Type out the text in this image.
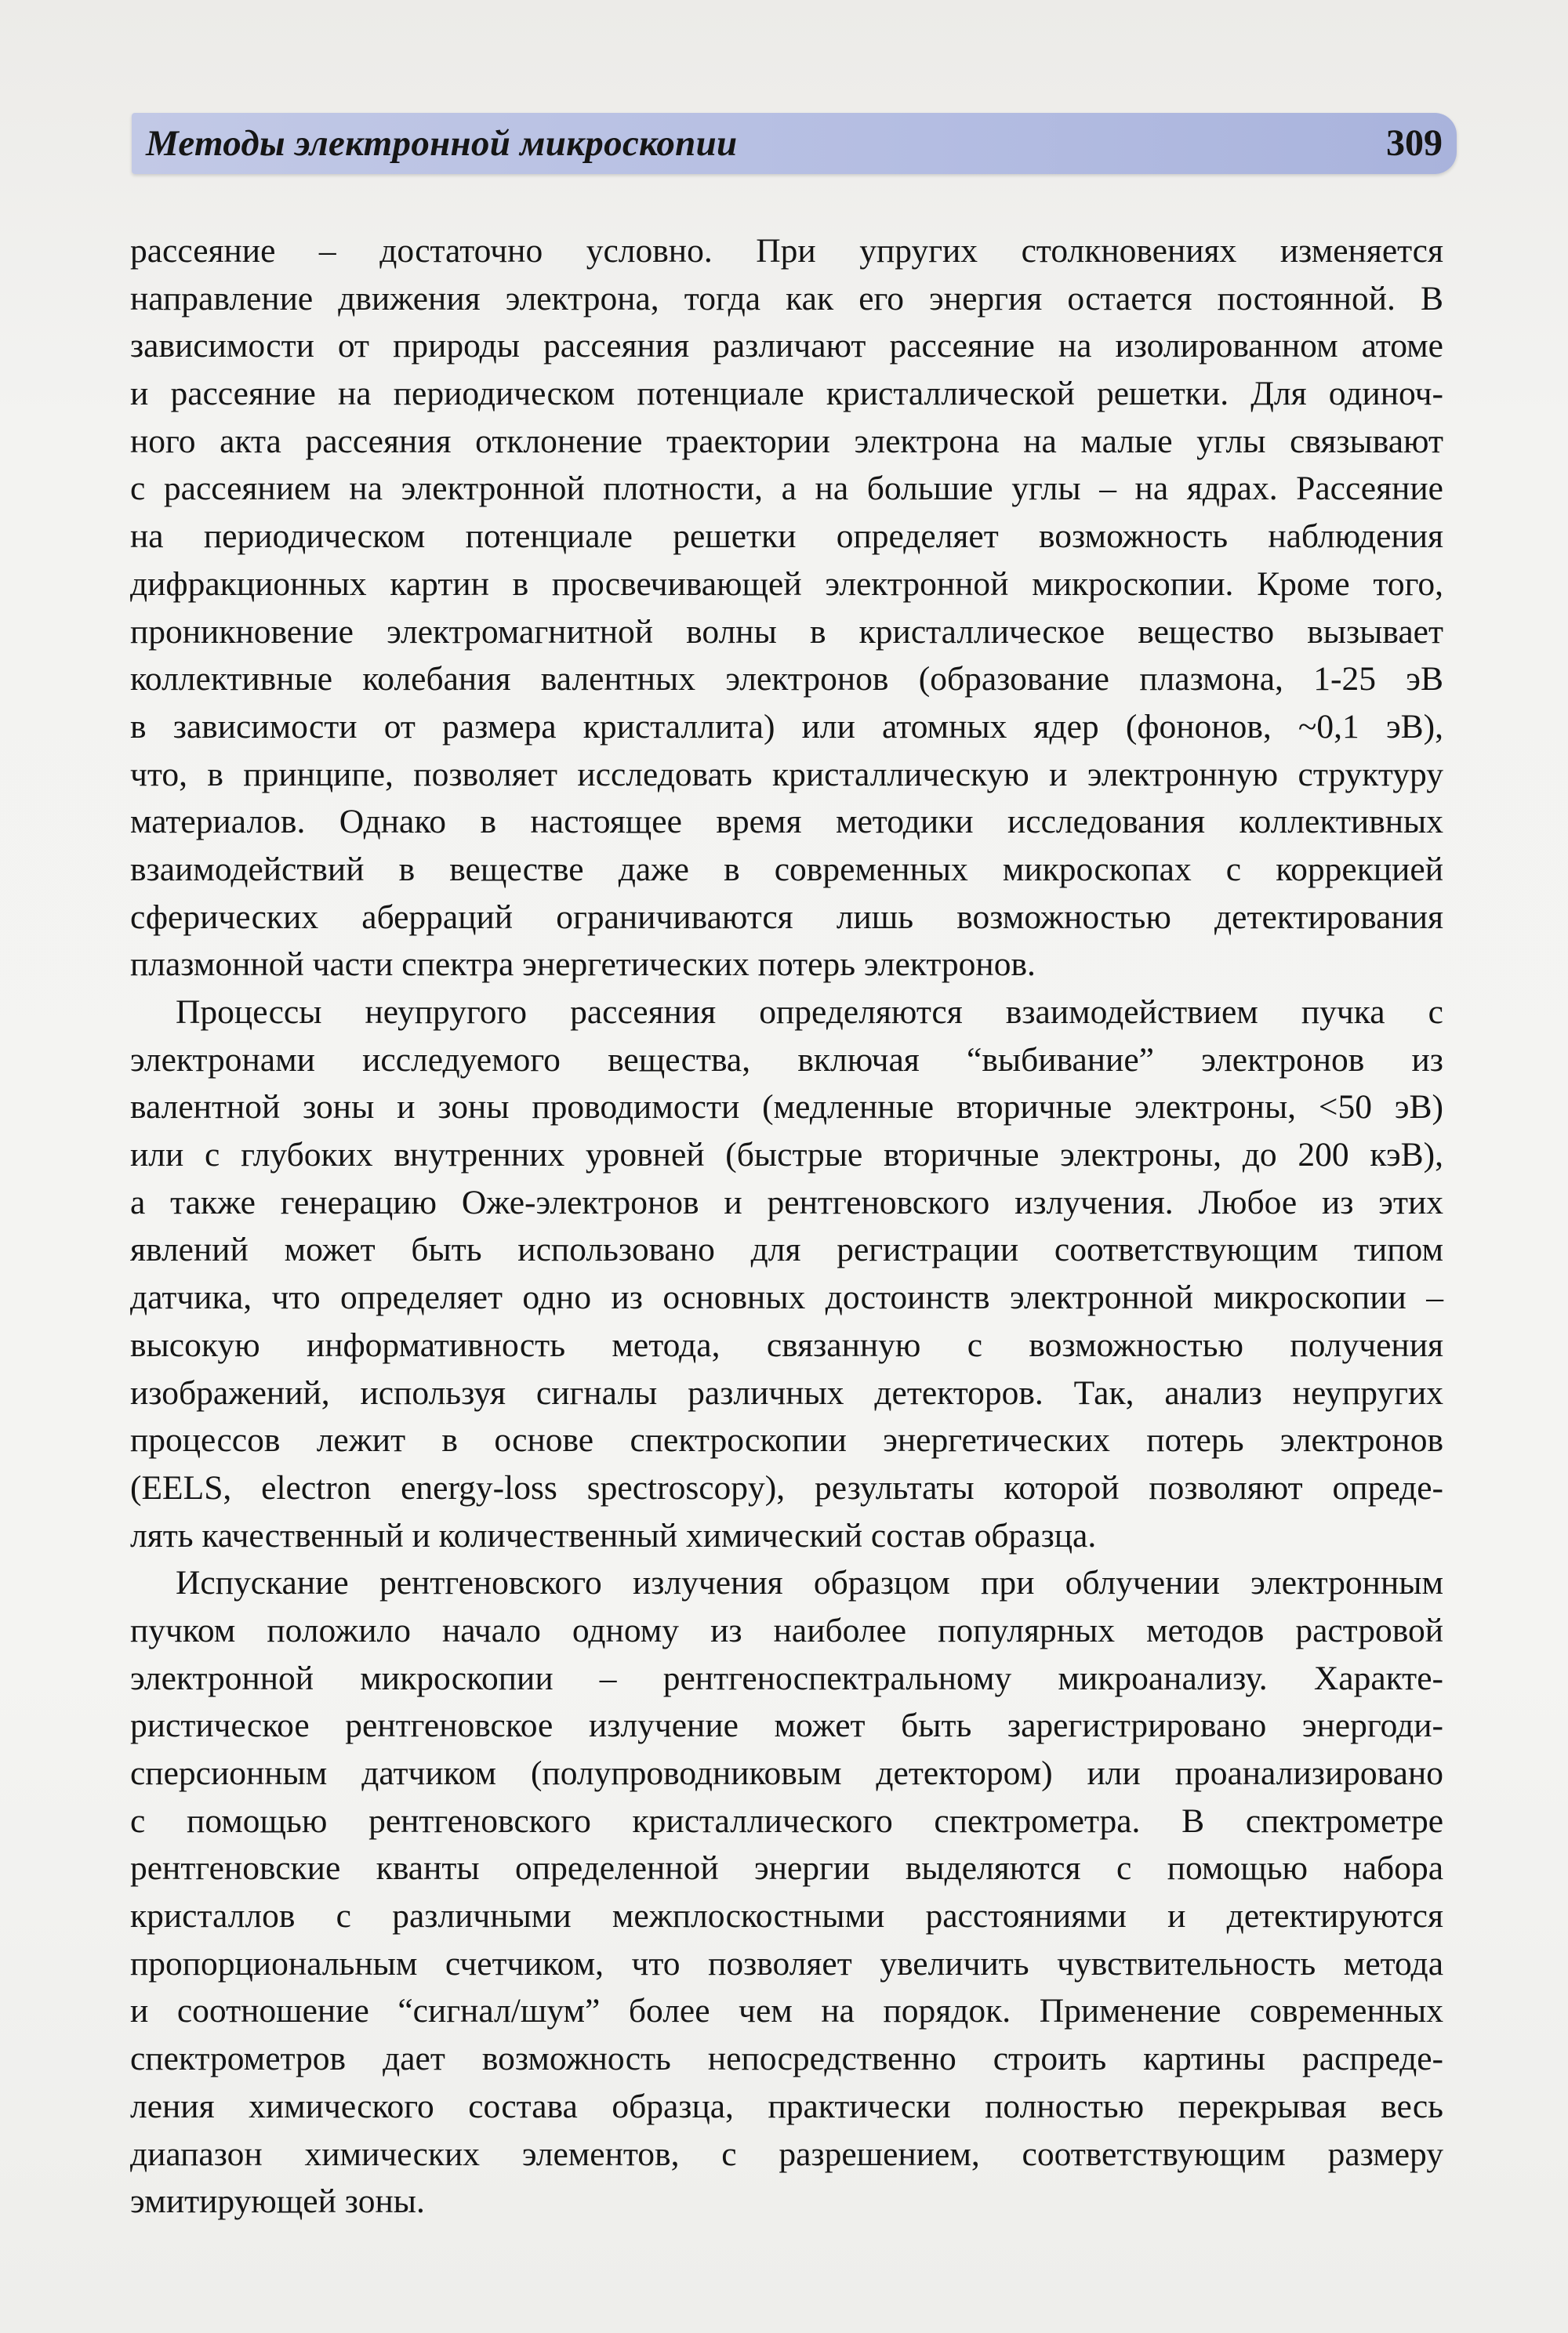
Методы электронной микроскопии	309
рассеяние – достаточно условно. При упругих столкновениях изменяется
направление движения электрона, тогда как его энергия остается постоянной. В
зависимости от природы рассеяния различают рассеяние на изолированном атоме
и рассеяние на периодическом потенциале кристаллической решетки. Для одиноч-
ного акта рассеяния отклонение траектории электрона на малые углы связывают
с рассеянием на электронной плотности, а на большие углы – на ядрах. Рассеяние
на периодическом потенциале решетки определяет возможность наблюдения
дифракционных картин в просвечивающей электронной микроскопии. Кроме того,
проникновение электромагнитной волны в кристаллическое вещество вызывает
коллективные колебания валентных электронов (образование плазмона, 1-25 эВ
в зависимости от размера кристаллита) или атомных ядер (фононов, ~0,1 эВ),
что, в принципе, позволяет исследовать кристаллическую и электронную структуру
материалов. Однако в настоящее время методики исследования коллективных
взаимодействий в веществе даже в современных микроскопах с коррекцией
сферических аберраций ограничиваются лишь возможностью детектирования
плазмонной части спектра энергетических потерь электронов.
Процессы неупругого рассеяния определяются взаимодействием пучка с
электронами исследуемого вещества, включая “выбивание” электронов из
валентной зоны и зоны проводимости (медленные вторичные электроны, <50 эВ)
или с глубоких внутренних уровней (быстрые вторичные электроны, до 200 кэВ),
а также генерацию Оже-электронов и рентгеновского излучения. Любое из этих
явлений может быть использовано для регистрации соответствующим типом
датчика, что определяет одно из основных достоинств электронной микроскопии –
высокую информативность метода, связанную с возможностью получения
изображений, используя сигналы различных детекторов. Так, анализ неупругих
процессов лежит в основе спектроскопии энергетических потерь электронов
(EELS, electron energy-loss spectroscopy), результаты которой позволяют опреде-
лять качественный и количественный химический состав образца.
Испускание рентгеновского излучения образцом при облучении электронным
пучком положило начало одному из наиболее популярных методов растровой
электронной микроскопии – рентгеноспектральному микроанализу. Характе-
ристическое рентгеновское излучение может быть зарегистрировано энергоди-
сперсионным датчиком (полупроводниковым детектором) или проанализировано
с помощью рентгеновского кристаллического спектрометра. В спектрометре
рентгеновские кванты определенной энергии выделяются с помощью набора
кристаллов с различными межплоскостными расстояниями и детектируются
пропорциональным счетчиком, что позволяет увеличить чувствительность метода
и соотношение “сигнал/шум” более чем на порядок. Применение современных
спектрометров дает возможность непосредственно строить картины распреде-
ления химического состава образца, практически полностью перекрывая весь
диапазон химических элементов, с разрешением, соответствующим размеру
эмитирующей зоны.
